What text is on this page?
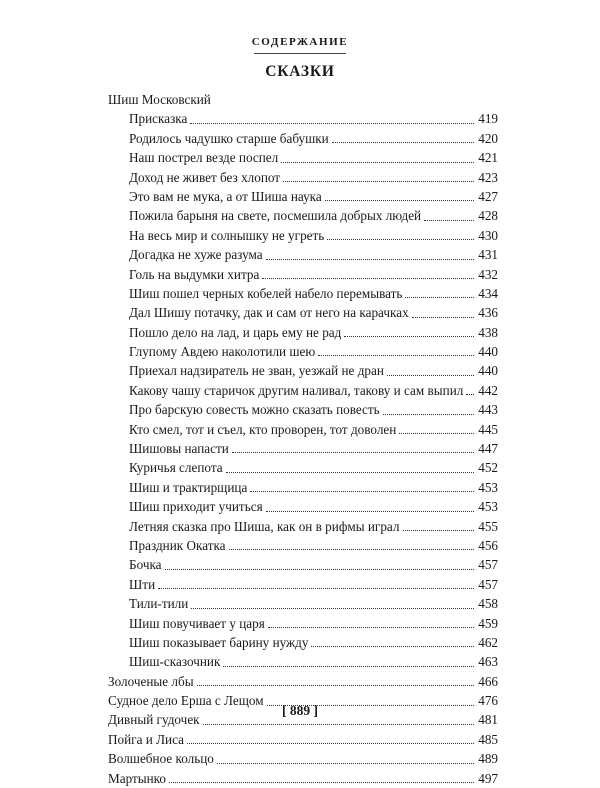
СОДЕРЖАНИЕ
СКАЗКИ
Шиш Московский
Присказка	419
Родилось чадушко старше бабушки	420
Наш пострел везде поспел	421
Доход не живет без хлопот	423
Это вам не мука, а от Шиша наука	427
Пожила барыня на свете, посмешила добрых людей	428
На весь мир и солнышку не угреть	430
Догадка не хуже разума	431
Голь на выдумки хитра	432
Шиш пошел черных кобелей набело перемывать	434
Дал Шишу потачку, дак и сам от него на карачках	436
Пошло дело на лад, и царь ему не рад	438
Глупому Авдею наколотили шею	440
Приехал надзиратель не зван, уезжай не дран	440
Какову чашу старичок другим наливал, такову и сам выпил	442
Про барскую совесть можно сказать повесть	443
Кто смел, тот и съел, кто проворен, тот доволен	445
Шишовы напасти	447
Куричья слепота	452
Шиш и трактирщица	453
Шиш приходит учиться	453
Летняя сказка про Шиша, как он в рифмы играл	455
Праздник Окатка	456
Бочка	457
Шти	457
Тили-тили	458
Шиш повучивает у царя	459
Шиш показывает барину нужду	462
Шиш-сказочник	463
Золоченые лбы	466
Судное дело Ерша с Лещом	476
Дивный гудочек	481
Пойга и Лиса	485
Волшебное кольцо	489
Мартынко	497
[ 889 ]
